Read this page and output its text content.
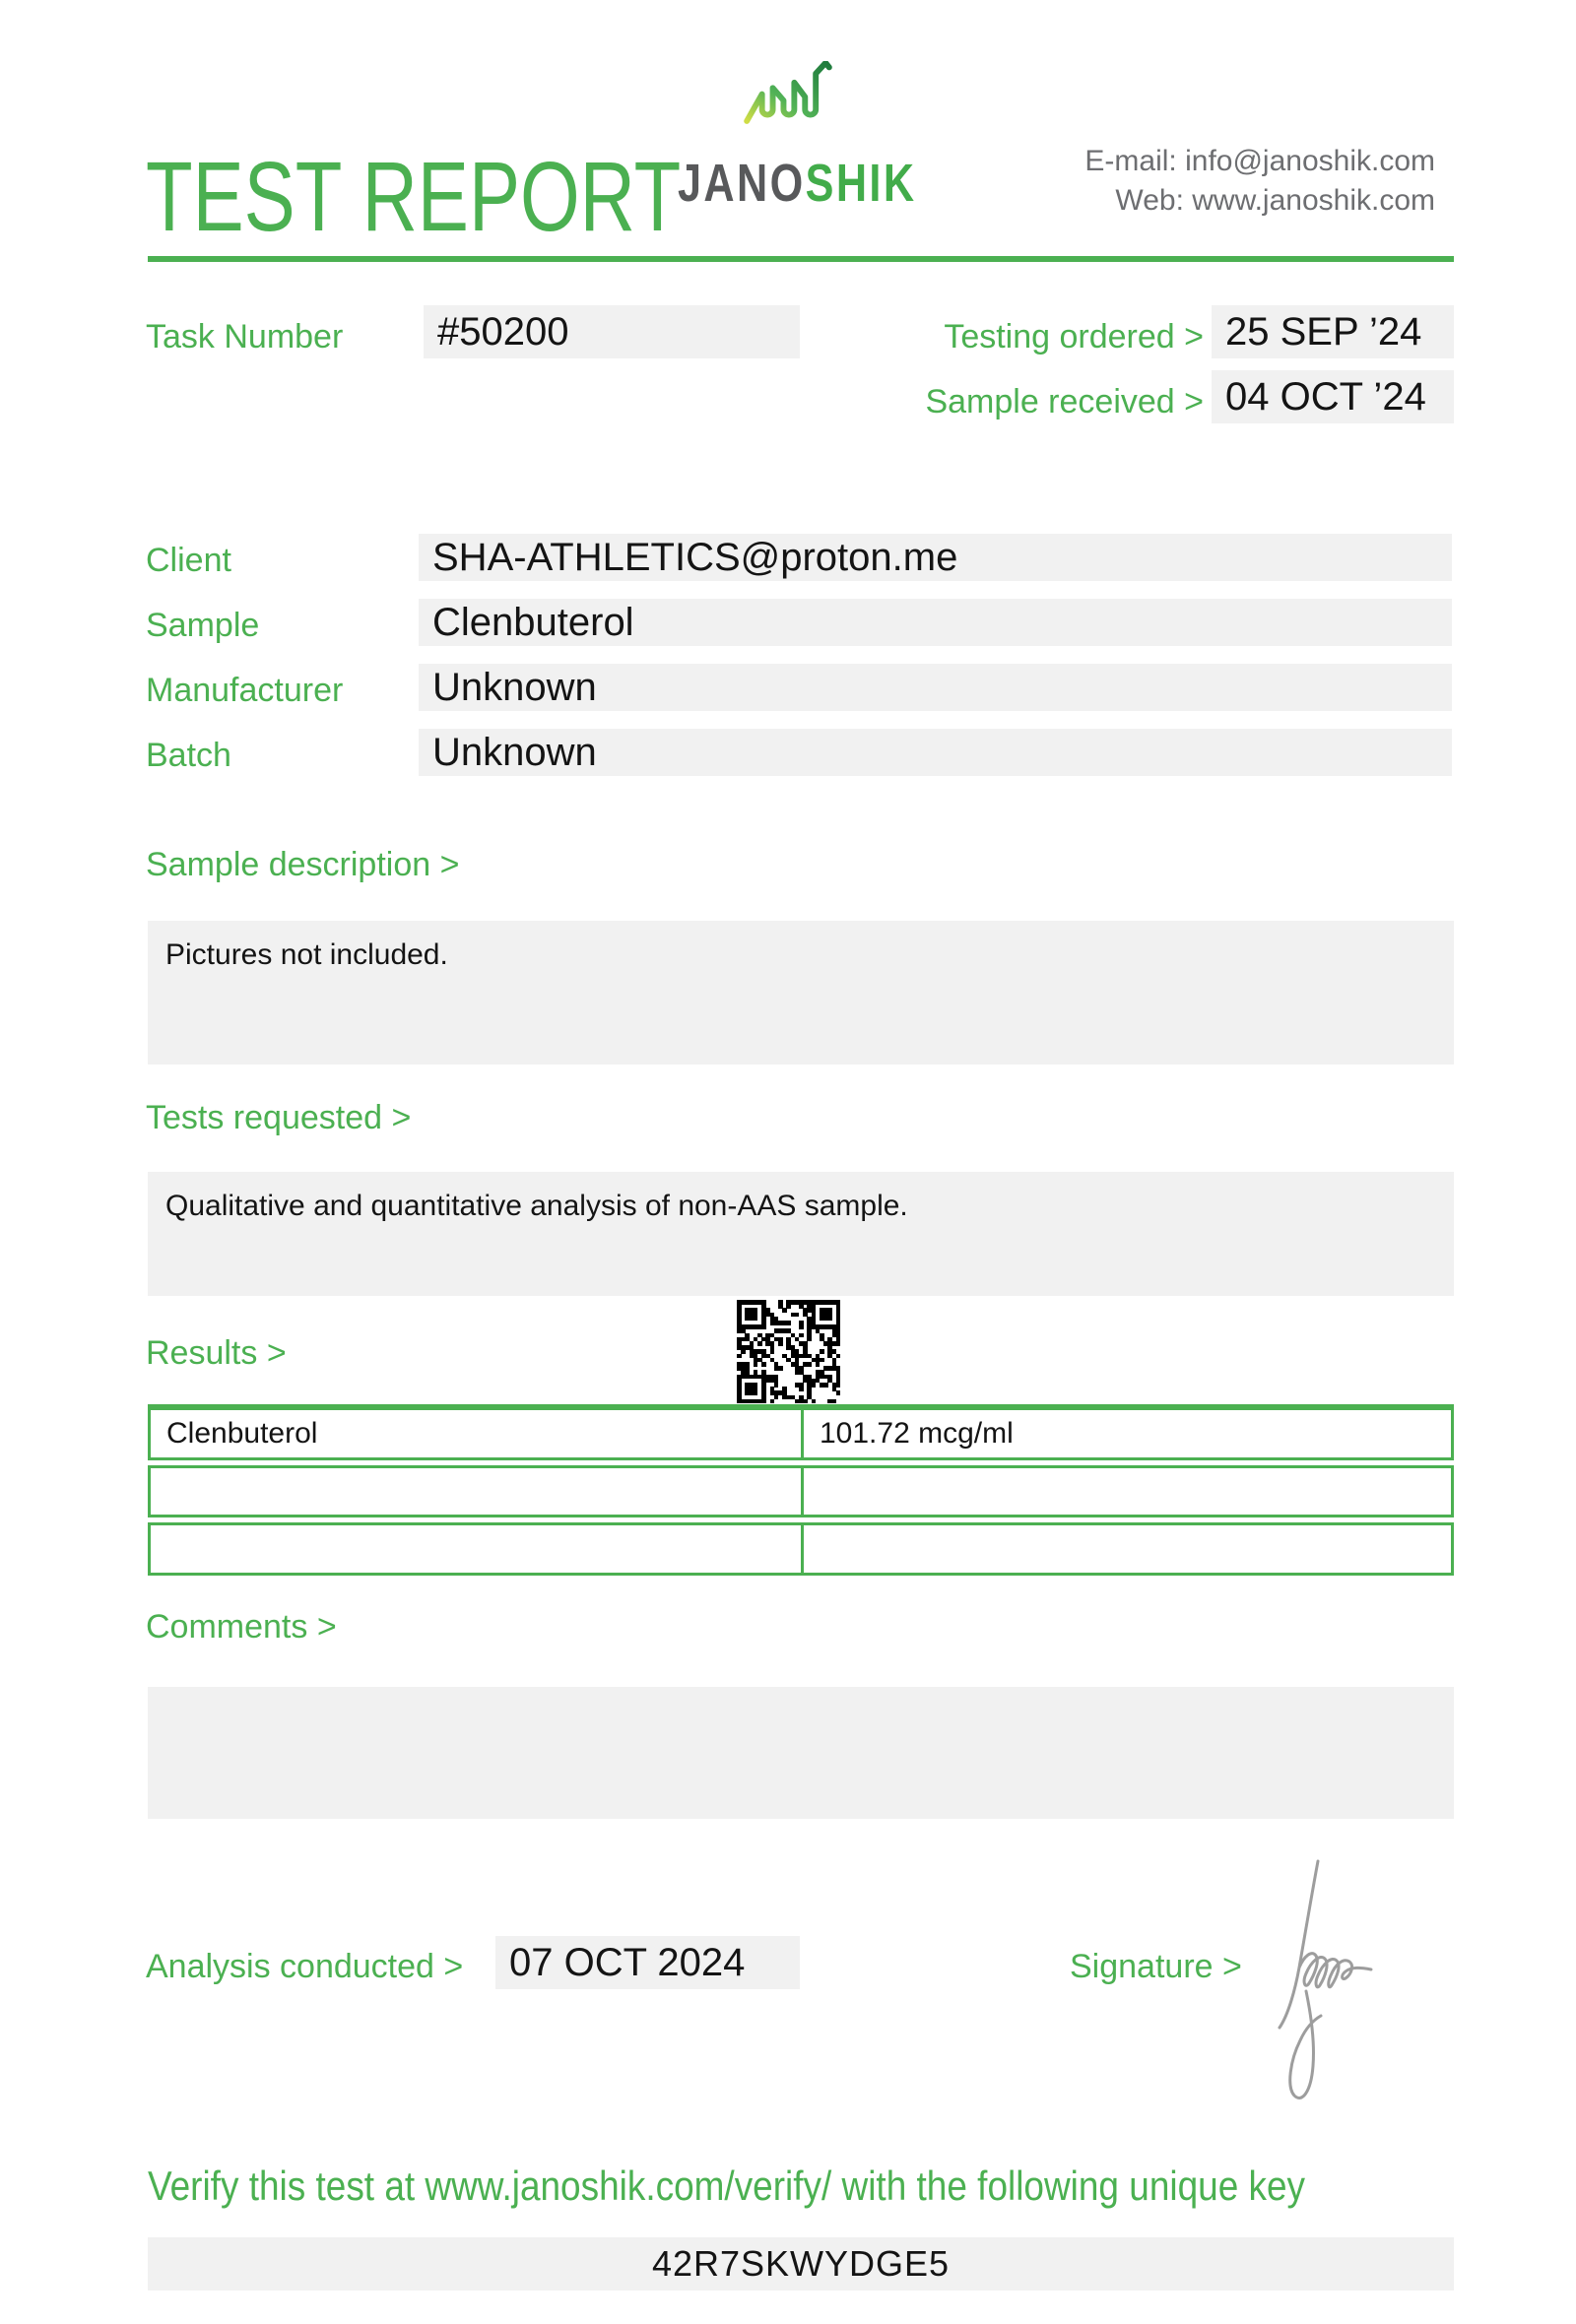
TEST REPORT
JANOSHIK	E-mail: info@janoshik.com
Web: www.janoshik.com
Task Number	#50200	Testing ordered > 25 SEP ’24
Sample received > 04 OCT ’24
Client	SHA-ATHLETICS@proton.me
Sample	Clenbuterol
Manufacturer	Unknown
Batch	Unknown
Sample description >
Pictures not included.
Tests requested >
Qualitative and quantitative analysis of non-AAS sample.
Results >
Clenbuterol	101.72 mcg/ml
Comments >
Analysis conducted >	07 OCT 2024	Signature >
Verify this test at www.janoshik.com/verify/ with the following unique key
42R7SKWYDGE5
